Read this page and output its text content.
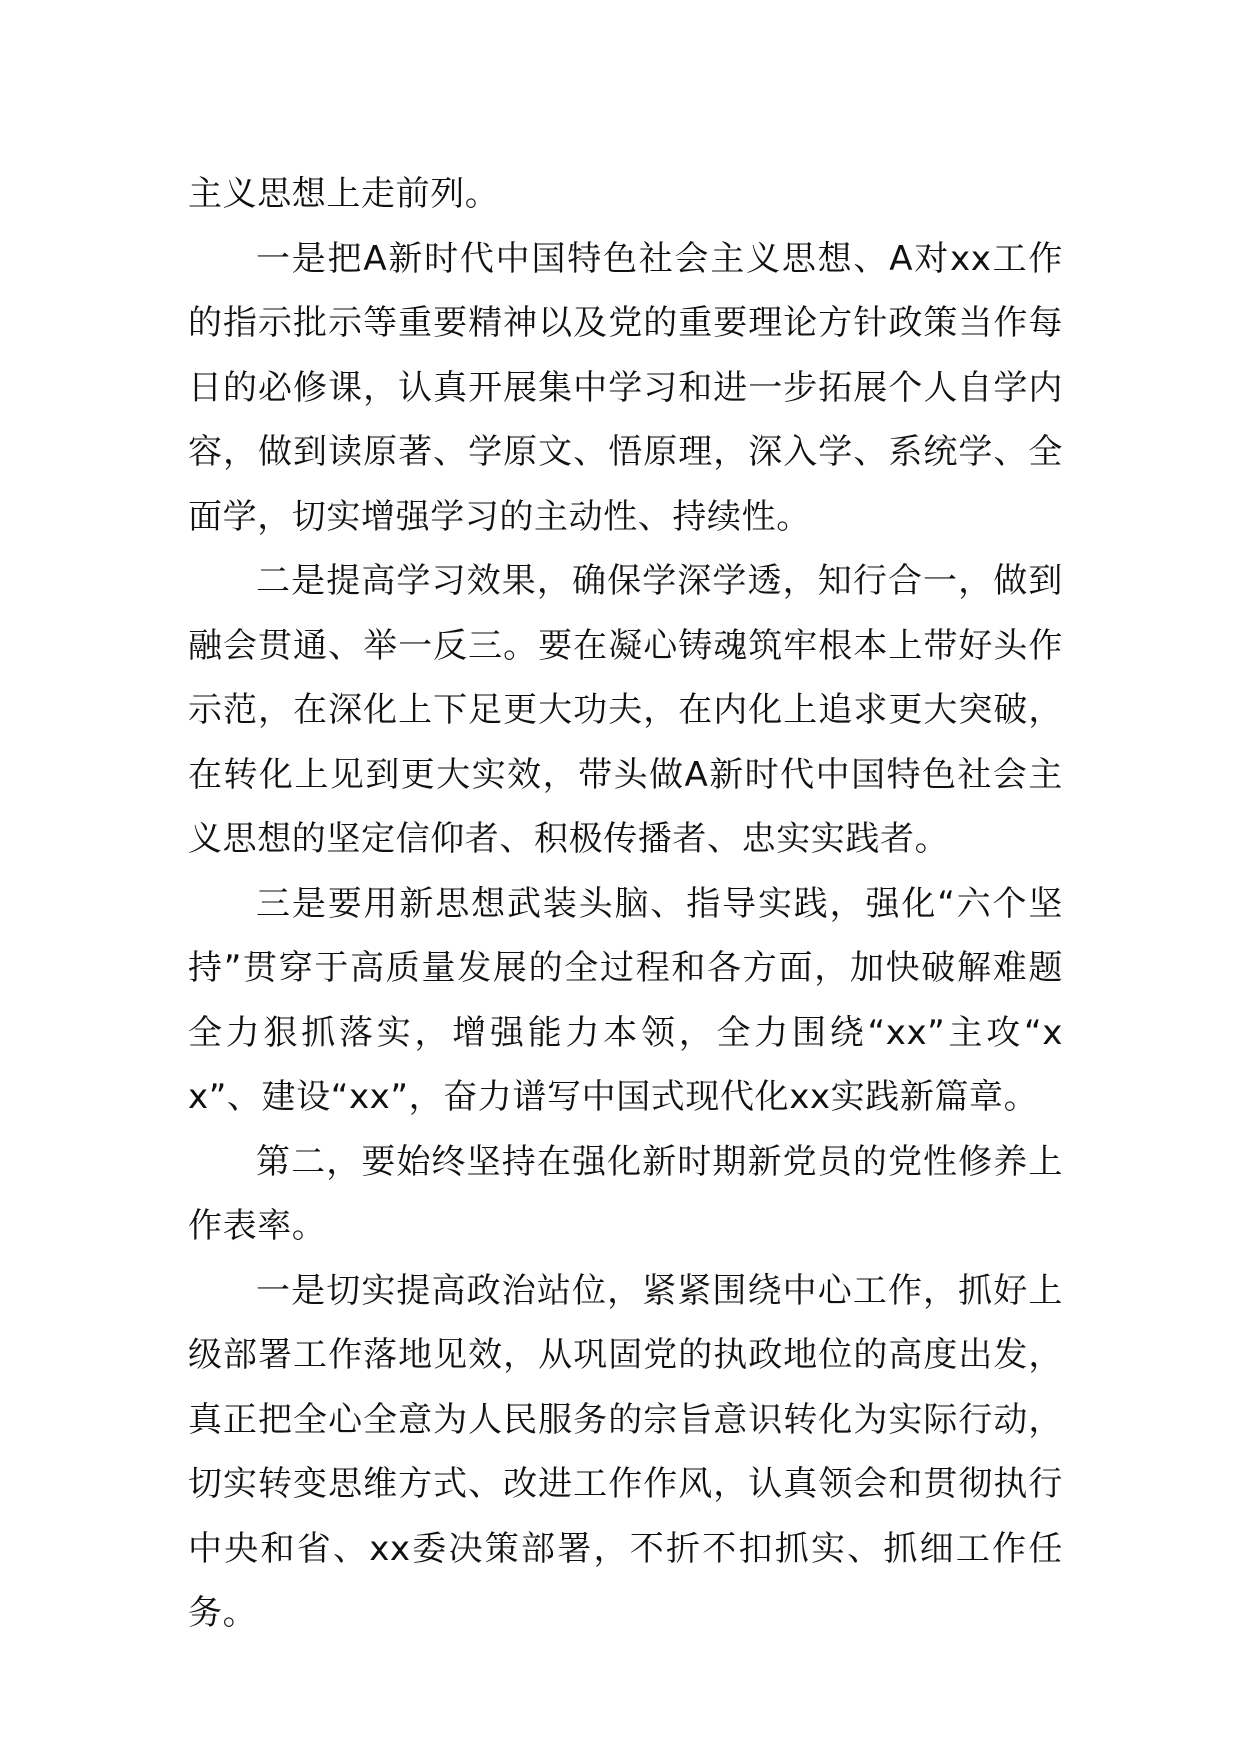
主义思想上走前列。

一是把A新时代中国特色社会主义思想、A对xx工作的指示批示等重要精神以及党的重要理论方针政策当作每日的必修课，认真开展集中学习和进一步拓展个人自学内容，做到读原著、学原文、悟原理，深入学、系统学、全面学，切实增强学习的主动性、持续性。

二是提高学习效果，确保学深学透，知行合一，做到融会贯通、举一反三。要在凝心铸魂筑牢根本上带好头作示范，在深化上下足更大功夫，在内化上追求更大突破，在转化上见到更大实效，带头做A新时代中国特色社会主义思想的坚定信仰者、积极传播者、忠实实践者。

三是要用新思想武装头脑、指导实践，强化“六个坚持”贯穿于高质量发展的全过程和各方面，加快破解难题全力狠抓落实，增强能力本领，全力围绕“xx”主攻“xx”、建设“xx”，奋力谱写中国式现代化xx实践新篇章。

第二，要始终坚持在强化新时期新党员的党性修养上作表率。

一是切实提高政治站位，紧紧围绕中心工作，抓好上级部署工作落地见效，从巩固党的执政地位的高度出发，真正把全心全意为人民服务的宗旨意识转化为实际行动，切实转变思维方式、改进工作作风，认真领会和贯彻执行中央和省、xx委决策部署，不折不扣抓实、抓细工作任务。
